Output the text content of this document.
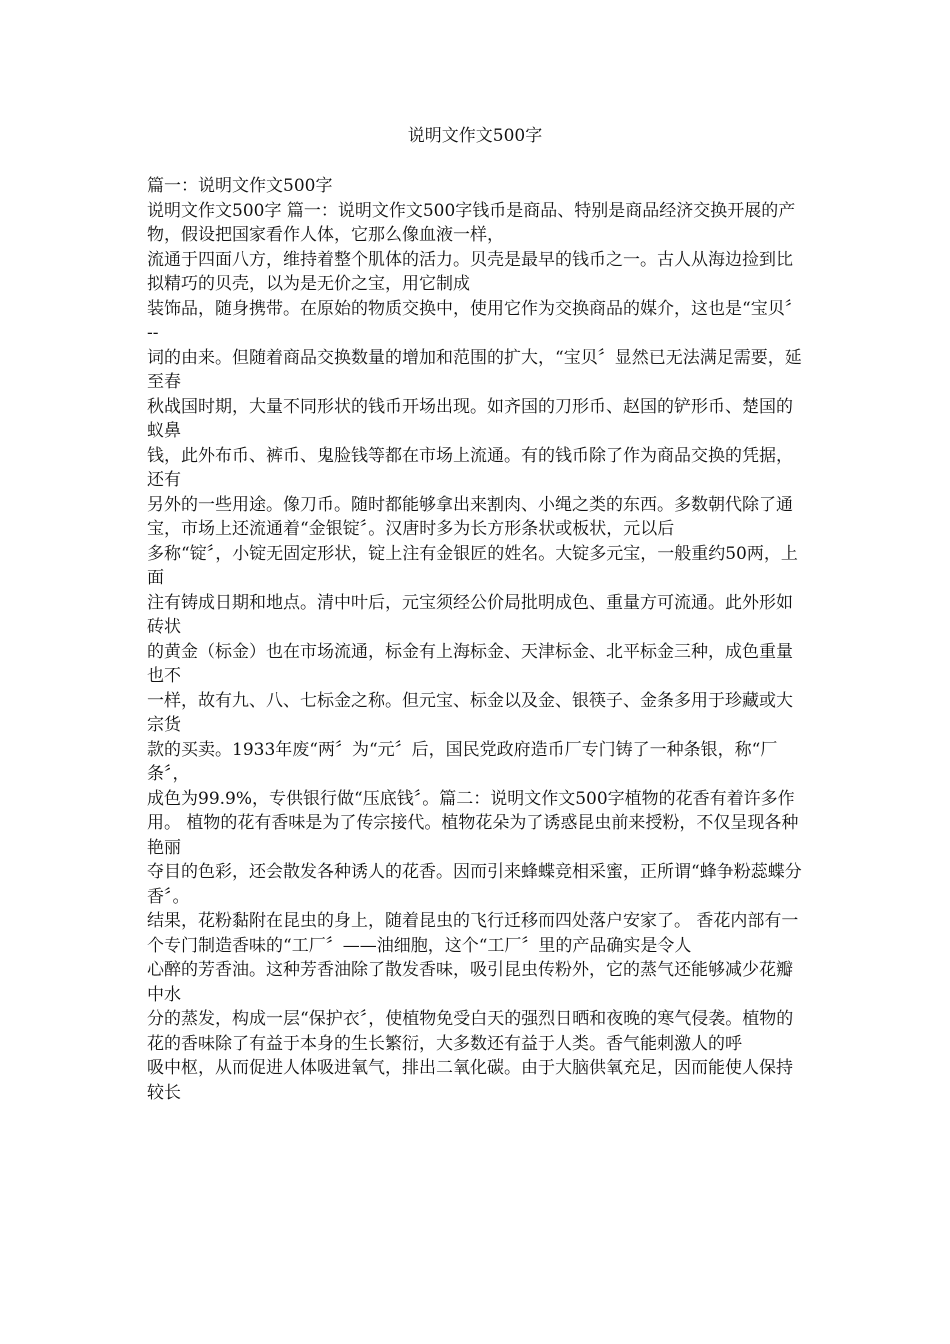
说明文作文500字

篇一：说明文作文500字

说明文作文500字 篇一：说明文作文500字钱币是商品、特别是商品经济交换开展的产物，假设把国家看作人体，它那么像血液一样，

流通于四面八方，维持着整个肌体的活力。贝壳是最早的钱币之一。古人从海边捡到比拟精巧的贝壳，以为是无价之宝，用它制成

装饰品，随身携带。在原始的物质交换中，使用它作为交换商品的媒介，这也是“宝贝〞--

词的由来。但随着商品交换数量的增加和范围的扩大，“宝贝〞显然已无法满足需要，延至春

秋战国时期，大量不同形状的钱币开场出现。如齐国的刀形币、赵国的铲形币、楚国的蚁鼻

钱，此外布币、裤币、鬼脸钱等都在市场上流通。有的钱币除了作为商品交换的凭据，还有

另外的一些用途。像刀币。随时都能够拿出来割肉、小绳之类的东西。多数朝代除了通宝，市场上还流通着“金银锭〞。汉唐时多为长方形条状或板状，元以后

多称“锭〞，小锭无固定形状，锭上注有金银匠的姓名。大锭多元宝，一般重约50两，上面

注有铸成日期和地点。清中叶后，元宝须经公价局批明成色、重量方可流通。此外形如砖状

的黄金（标金）也在市场流通，标金有上海标金、天津标金、北平标金三种，成色重量也不

一样，故有九、八、七标金之称。但元宝、标金以及金、银筷子、金条多用于珍藏或大宗货

款的买卖。1933年废“两〞为“元〞后，国民党政府造币厂专门铸了一种条银，称“厂条〞，

成色为99.9%，专供银行做“压底钱〞。篇二：说明文作文500字植物的花香有着许多作用。 植物的花有香味是为了传宗接代。植物花朵为了诱惑昆虫前来授粉，不仅呈现各种艳丽

夺目的色彩，还会散发各种诱人的花香。因而引来蜂蝶竞相采蜜，正所谓“蜂争粉蕊蝶分香〞。

结果，花粉黏附在昆虫的身上，随着昆虫的飞行迁移而四处落户安家了。 香花内部有一个专门制造香味的“工厂〞——油细胞，这个“工厂〞里的产品确实是令人

心醉的芳香油。这种芳香油除了散发香味，吸引昆虫传粉外，它的蒸气还能够减少花瓣中水

分的蒸发，构成一层“保护衣〞，使植物免受白天的强烈日晒和夜晚的寒气侵袭。植物的花的香味除了有益于本身的生长繁衍，大多数还有益于人类。香气能刺激人的呼

吸中枢，从而促进人体吸进氧气，排出二氧化碳。由于大脑供氧充足，因而能使人保持较长
